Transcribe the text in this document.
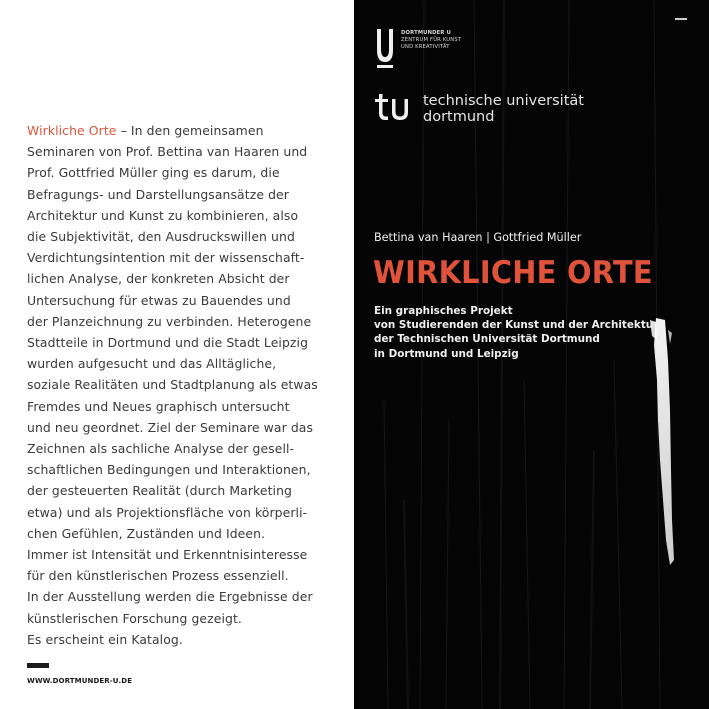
Wirkliche Orte – In den gemeinsamen
Seminaren von Prof. Bettina van Haaren und
Prof. Gottfried Müller ging es darum, die
Befragungs- und Darstellungsansätze der
Architektur und Kunst zu kombinieren, also
die Subjektivität, den Ausdruckswillen und
Verdichtungsintention mit der wissenschaft-
lichen Analyse, der konkreten Absicht der
Untersuchung für etwas zu Bauendes und
der Planzeichnung zu verbinden. Heterogene
Stadtteile in Dortmund und die Stadt Leipzig
wurden aufgesucht und das Alltägliche,
soziale Realitäten und Stadtplanung als etwas
Fremdes und Neues graphisch untersucht
und neu geordnet. Ziel der Seminare war das
Zeichnen als sachliche Analyse der gesell-
schaftlichen Bedingungen und Interaktionen,
der gesteuerten Realität (durch Marketing
etwa) und als Projektionsfläche von körperli-
chen Gefühlen, Zuständen und Ideen.
Immer ist Intensität und Erkenntnisinteresse
für den künstlerischen Prozess essenziell.
In der Ausstellung werden die Ergebnisse der
künstlerischen Forschung gezeigt.
Es erscheint ein Katalog.
WWW.DORTMUNDER-U.DE
DORTMUNDER U
ZENTRUM FÜR KUNST
UND KREATIVITÄT
technische universität
dortmund
Bettina van Haaren | Gottfried Müller
WIRKLICHE ORTE
Ein graphisches Projekt
von Studierenden der Kunst und der Architektur
der Technischen Universität Dortmund
in Dortmund und Leipzig
